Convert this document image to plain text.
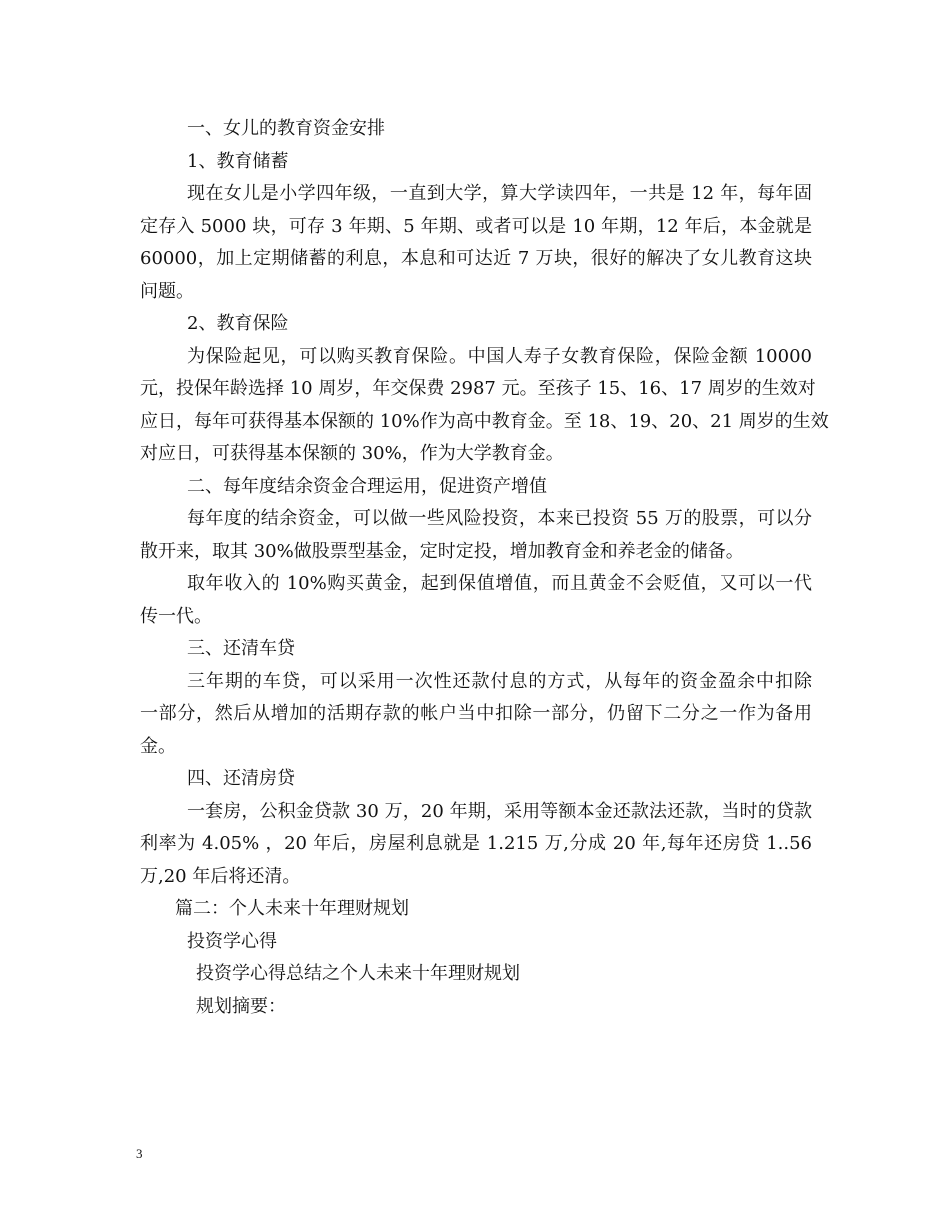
一、女儿的教育资金安排
1、教育储蓄
现在女儿是小学四年级，一直到大学，算大学读四年，一共是 12 年，每年固
定存入 5000 块，可存 3 年期、5 年期、或者可以是 10 年期，12 年后，本金就是
60000，加上定期储蓄的利息，本息和可达近 7 万块，很好的解决了女儿教育这块
问题。
2、教育保险
为保险起见，可以购买教育保险。中国人寿子女教育保险，保险金额 10000
元，投保年龄选择 10 周岁，年交保费 2987 元。至孩子 15、16、17 周岁的生效对
应日，每年可获得基本保额的 10%作为高中教育金。至 18、19、20、21 周岁的生效
对应日，可获得基本保额的 30%，作为大学教育金。
二、每年度结余资金合理运用，促进资产增值
每年度的结余资金，可以做一些风险投资，本来已投资 55 万的股票，可以分
散开来，取其 30%做股票型基金，定时定投，增加教育金和养老金的储备。
取年收入的 10%购买黄金，起到保值增值，而且黄金不会贬值，又可以一代
传一代。
三、还清车贷
三年期的车贷，可以采用一次性还款付息的方式，从每年的资金盈余中扣除
一部分，然后从增加的活期存款的帐户当中扣除一部分，仍留下二分之一作为备用
金。
四、还清房贷
一套房，公积金贷款 30 万，20 年期，采用等额本金还款法还款，当时的贷款
利率为 4.05% ，20 年后，房屋利息就是 1.215 万,分成 20 年,每年还房贷 1..56
万,20 年后将还清。
篇二：个人未来十年理财规划
投资学心得
投资学心得总结之个人未来十年理财规划
规划摘要：
3
